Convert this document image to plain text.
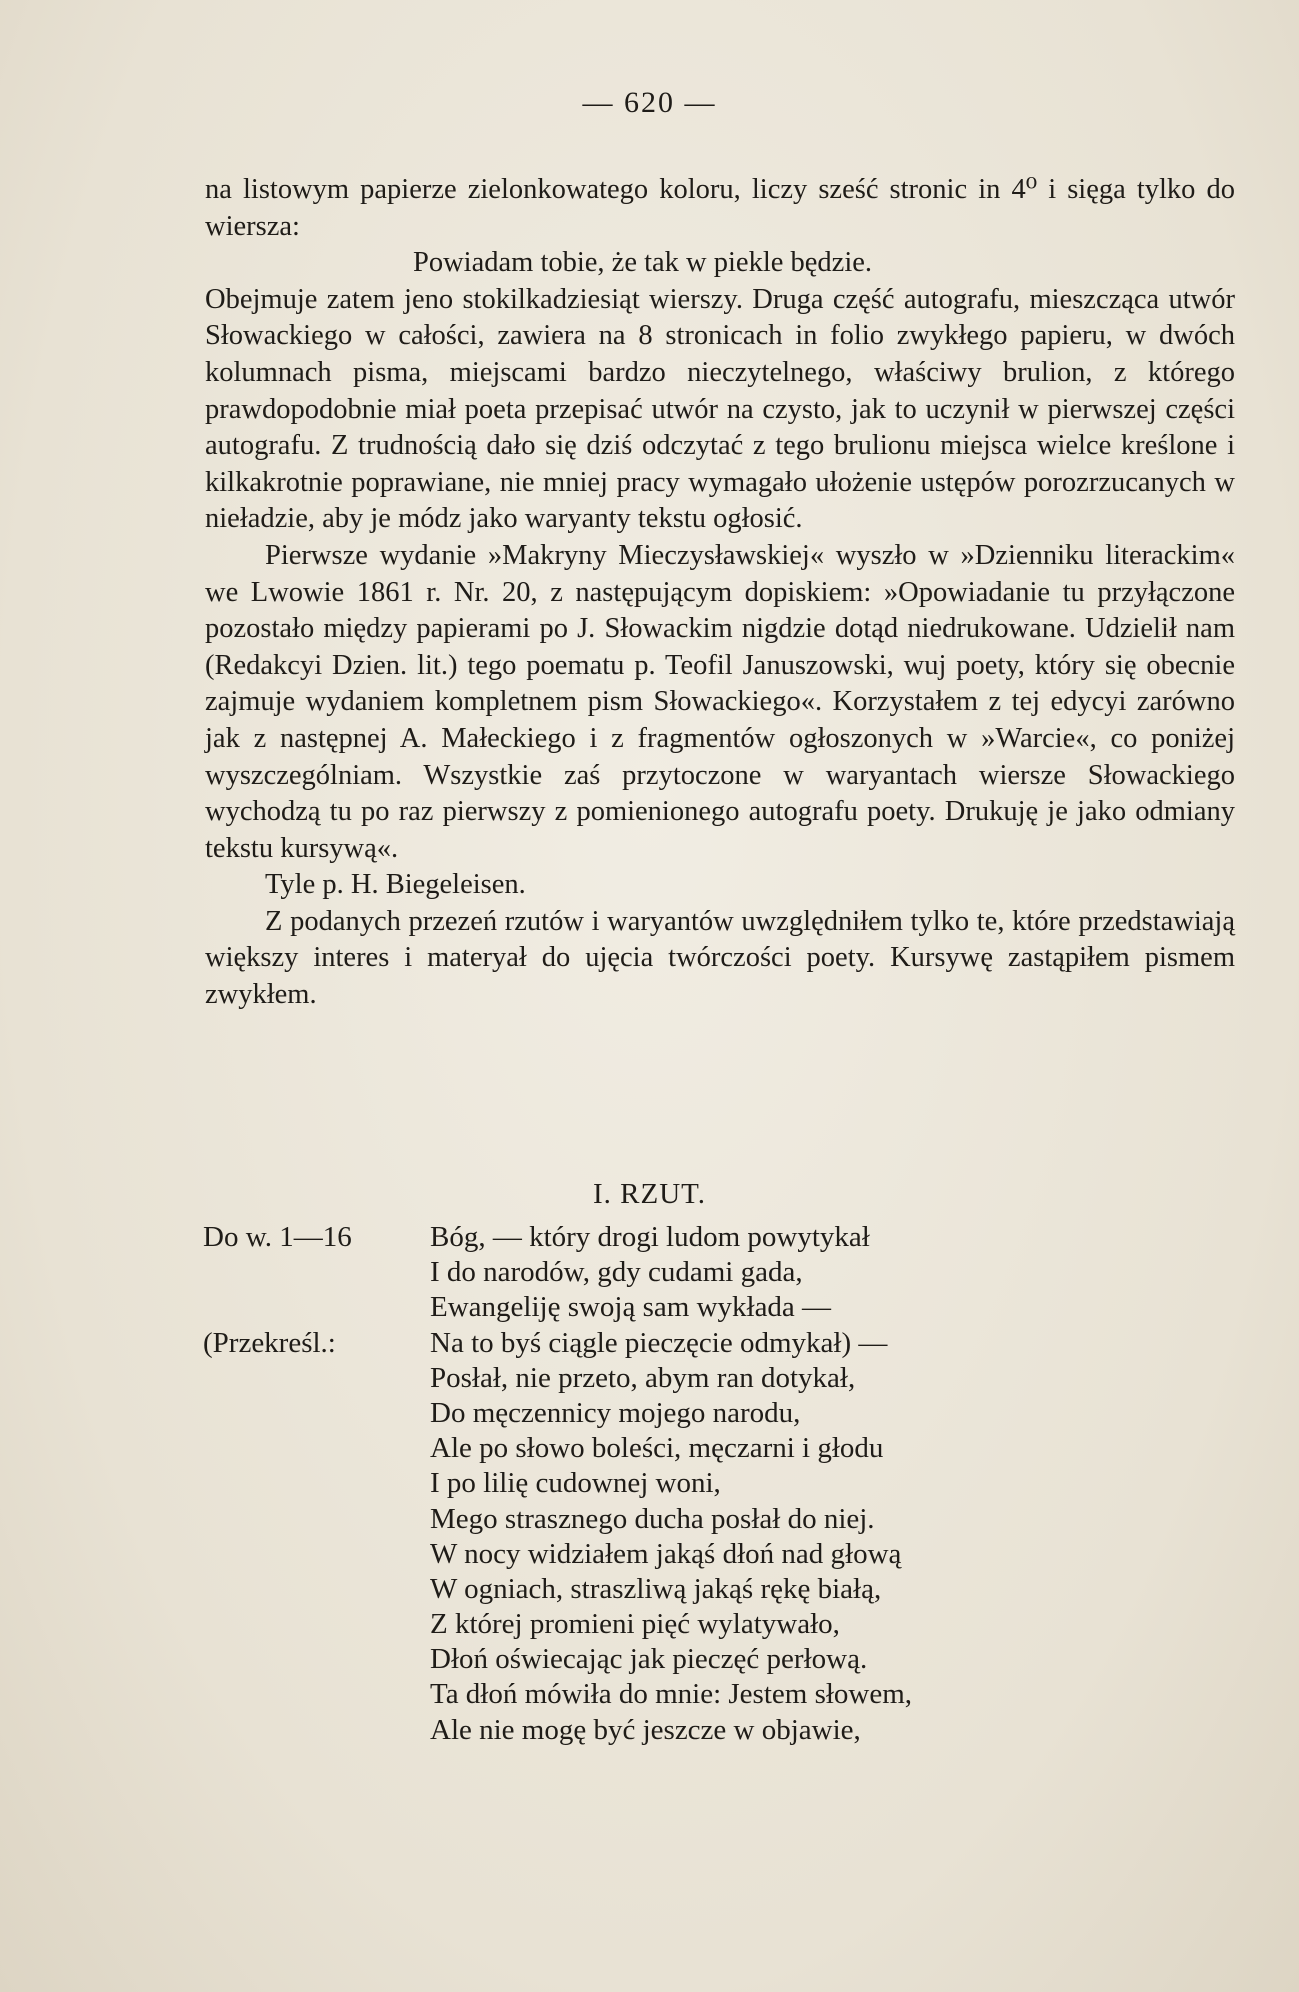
— 620 —

na listowym papierze zielonkowatego koloru, liczy sześć stronic in 4⁰ i sięga tylko do wiersza:

Powiadam tobie, że tak w piekle będzie.

Obejmuje zatem jeno stokilkadziesiąt wierszy. Druga część autografu, mieszcząca utwór Słowackiego w całości, zawiera na 8 stronicach in folio zwykłego papieru, w dwóch kolumnach pisma, miejscami bardzo nieczytelnego, właściwy brulion, z którego prawdopodobnie miał poeta przepisać utwór na czysto, jak to uczynił w pierwszej części autografu. Z trudnością dało się dziś odczytać z tego brulionu miejsca wielce kreślone i kilkakrotnie poprawiane, nie mniej pracy wymagało ułożenie ustępów porozrzucanych w nieładzie, aby je módz jako waryanty tekstu ogłosić.

Pierwsze wydanie »Makryny Mieczysławskiej« wyszło w »Dzienniku literackim« we Lwowie 1861 r. Nr. 20, z następującym dopiskiem: »Opowiadanie tu przyłączone pozostało między papierami po J. Słowackim nigdzie dotąd niedrukowane. Udzielił nam (Redakcyi Dzien. lit.) tego poematu p. Teofil Januszowski, wuj poety, który się obecnie zajmuje wydaniem kompletnem pism Słowackiego«. Korzystałem z tej edycyi zarówno jak z następnej A. Małeckiego i z fragmentów ogłoszonych w »Warcie«, co poniżej wyszczególniam. Wszystkie zaś przytoczone w waryantach wiersze Słowackiego wychodzą tu po raz pierwszy z pomienionego autografu poety. Drukuję je jako odmiany tekstu kursywą«.

Tyle p. H. Biegeleisen.

Z podanych przezeń rzutów i waryantów uwzględniłem tylko te, które przedstawiają większy interes i materyał do ujęcia twórczości poety. Kursywę zastąpiłem pismem zwykłem.

I. RZUT.
Do w. 1—16	Bóg, — który drogi ludom powytykał
I do narodów, gdy cudami gada,
Ewangeliję swoją sam wykłada —
(Przekreśl.:	Na to byś ciągle pieczęcie odmykał) —
Posłał, nie przeto, abym ran dotykał,
Do męczennicy mojego narodu,
Ale po słowo boleści, męczarni i głodu
I po lilię cudownej woni,
Mego strasznego ducha posłał do niej.
W nocy widziałem jakąś dłoń nad głową
W ogniach, straszliwą jakąś rękę białą,
Z której promieni pięć wylatywało,
Dłoń oświecając jak pieczęć perłową.
Ta dłoń mówiła do mnie: Jestem słowem,
Ale nie mogę być jeszcze w objawie,
